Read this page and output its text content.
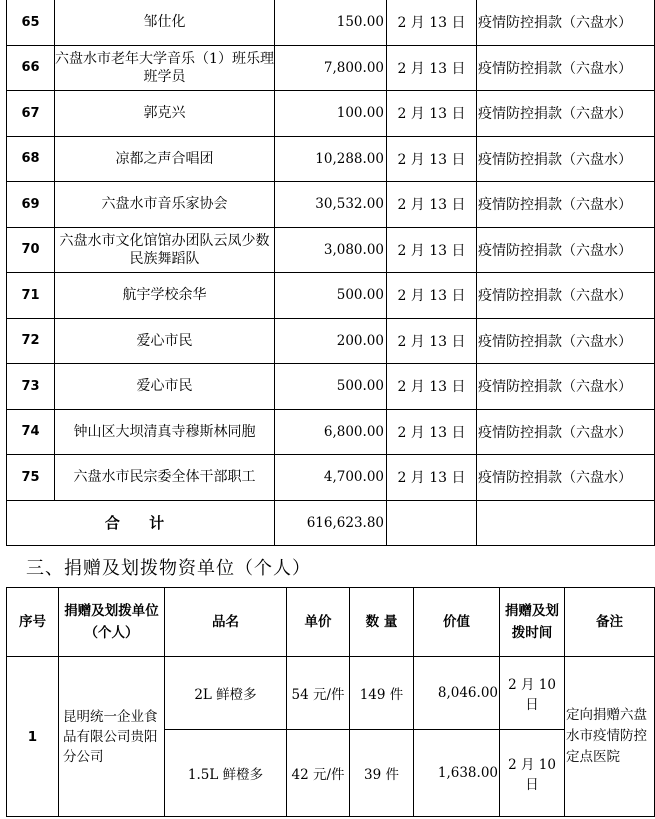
65	邹仕化	150.00	2 月 13 日	疫情防控捐款（六盘水）
66	六盘水市老年大学音乐（1）班乐理班学员	7,800.00	2 月 13 日	疫情防控捐款（六盘水）
67	郭克兴	100.00	2 月 13 日	疫情防控捐款（六盘水）
68	凉都之声合唱团	10,288.00	2 月 13 日	疫情防控捐款（六盘水）
69	六盘水市音乐家协会	30,532.00	2 月 13 日	疫情防控捐款（六盘水）
70	六盘水市文化馆馆办团队云凤少数民族舞蹈队	3,080.00	2 月 13 日	疫情防控捐款（六盘水）
71	航宇学校余华	500.00	2 月 13 日	疫情防控捐款（六盘水）
72	爱心市民	200.00	2 月 13 日	疫情防控捐款（六盘水）
73	爱心市民	500.00	2 月 13 日	疫情防控捐款（六盘水）
74	钟山区大坝清真寺穆斯林同胞	6,800.00	2 月 13 日	疫情防控捐款（六盘水）
75	六盘水市民宗委全体干部职工	4,700.00	2 月 13 日	疫情防控捐款（六盘水）
合 计		616,623.80		
三、捐赠及划拨物资单位（个人）
序号	捐赠及划拨单位（个人）	品名	单价	数 量	价值	捐赠及划拨时间	备注
1	昆明统一企业食品有限公司贵阳分公司	2L 鲜橙多	54 元/件	149 件	8,046.00	2 月 10 日	定向捐赠六盘水市疫情防控定点医院
		1.5L 鲜橙多	42 元/件	39 件	1,638.00	2 月 10 日	
